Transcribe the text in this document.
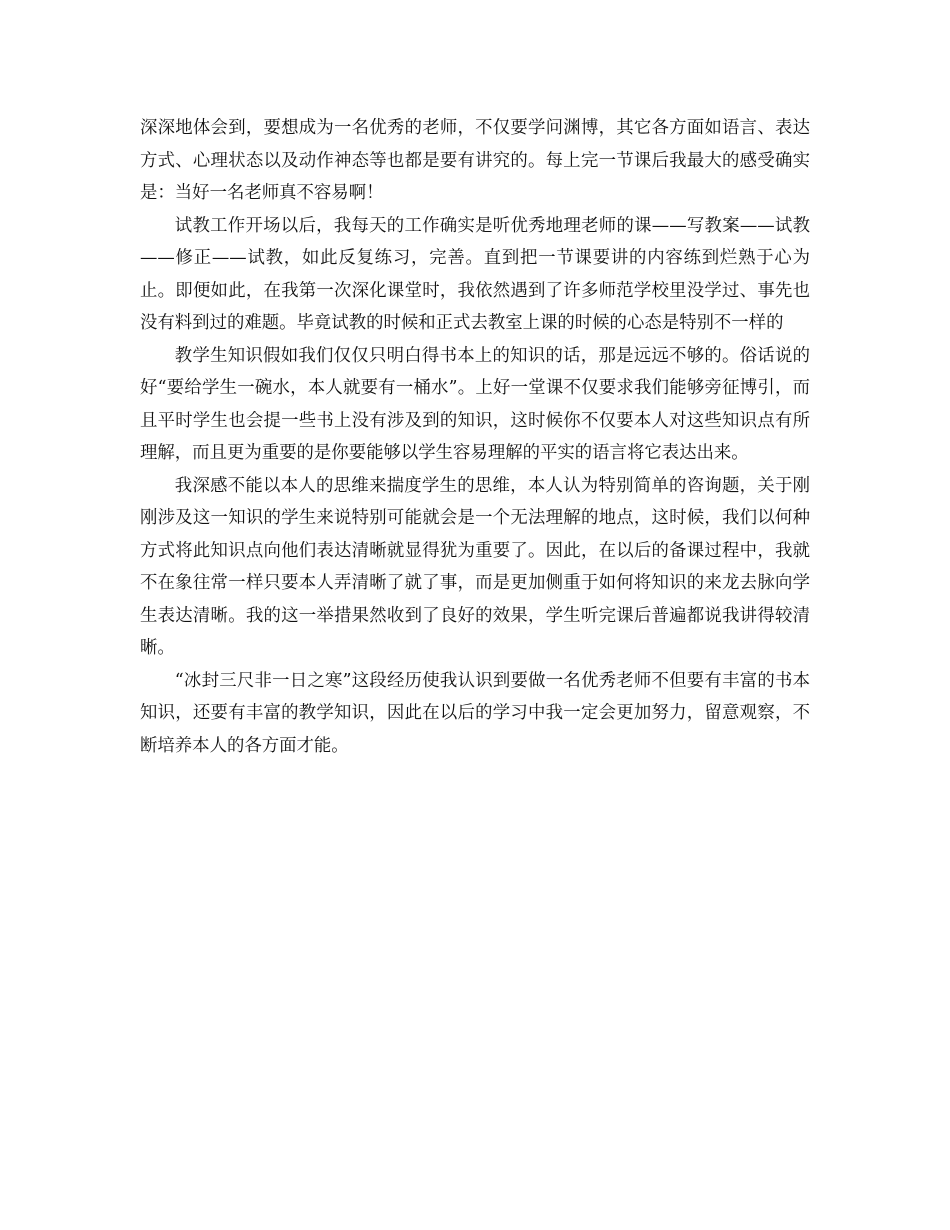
深深地体会到，要想成为一名优秀的老师，不仅要学问渊博，其它各方面如语言、表达方式、心理状态以及动作神态等也都是要有讲究的。每上完一节课后我最大的感受确实是：当好一名老师真不容易啊！

试教工作开场以后，我每天的工作确实是听优秀地理老师的课——写教案——试教——修正——试教，如此反复练习，完善。直到把一节课要讲的内容练到烂熟于心为止。即便如此，在我第一次深化课堂时，我依然遇到了许多师范学校里没学过、事先也没有料到过的难题。毕竟试教的时候和正式去教室上课的时候的心态是特别不一样的

教学生知识假如我们仅仅只明白得书本上的知识的话，那是远远不够的。俗话说的好“要给学生一碗水，本人就要有一桶水”。上好一堂课不仅要求我们能够旁征博引，而且平时学生也会提一些书上没有涉及到的知识，这时候你不仅要本人对这些知识点有所理解，而且更为重要的是你要能够以学生容易理解的平实的语言将它表达出来。

我深感不能以本人的思维来揣度学生的思维，本人认为特别简单的咨询题，关于刚刚涉及这一知识的学生来说特别可能就会是一个无法理解的地点，这时候，我们以何种方式将此知识点向他们表达清晰就显得犹为重要了。因此，在以后的备课过程中，我就不在象往常一样只要本人弄清晰了就了事，而是更加侧重于如何将知识的来龙去脉向学生表达清晰。我的这一举措果然收到了良好的效果，学生听完课后普遍都说我讲得较清晰。

“冰封三尺非一日之寒”这段经历使我认识到要做一名优秀老师不但要有丰富的书本知识，还要有丰富的教学知识，因此在以后的学习中我一定会更加努力，留意观察，不断培养本人的各方面才能。
